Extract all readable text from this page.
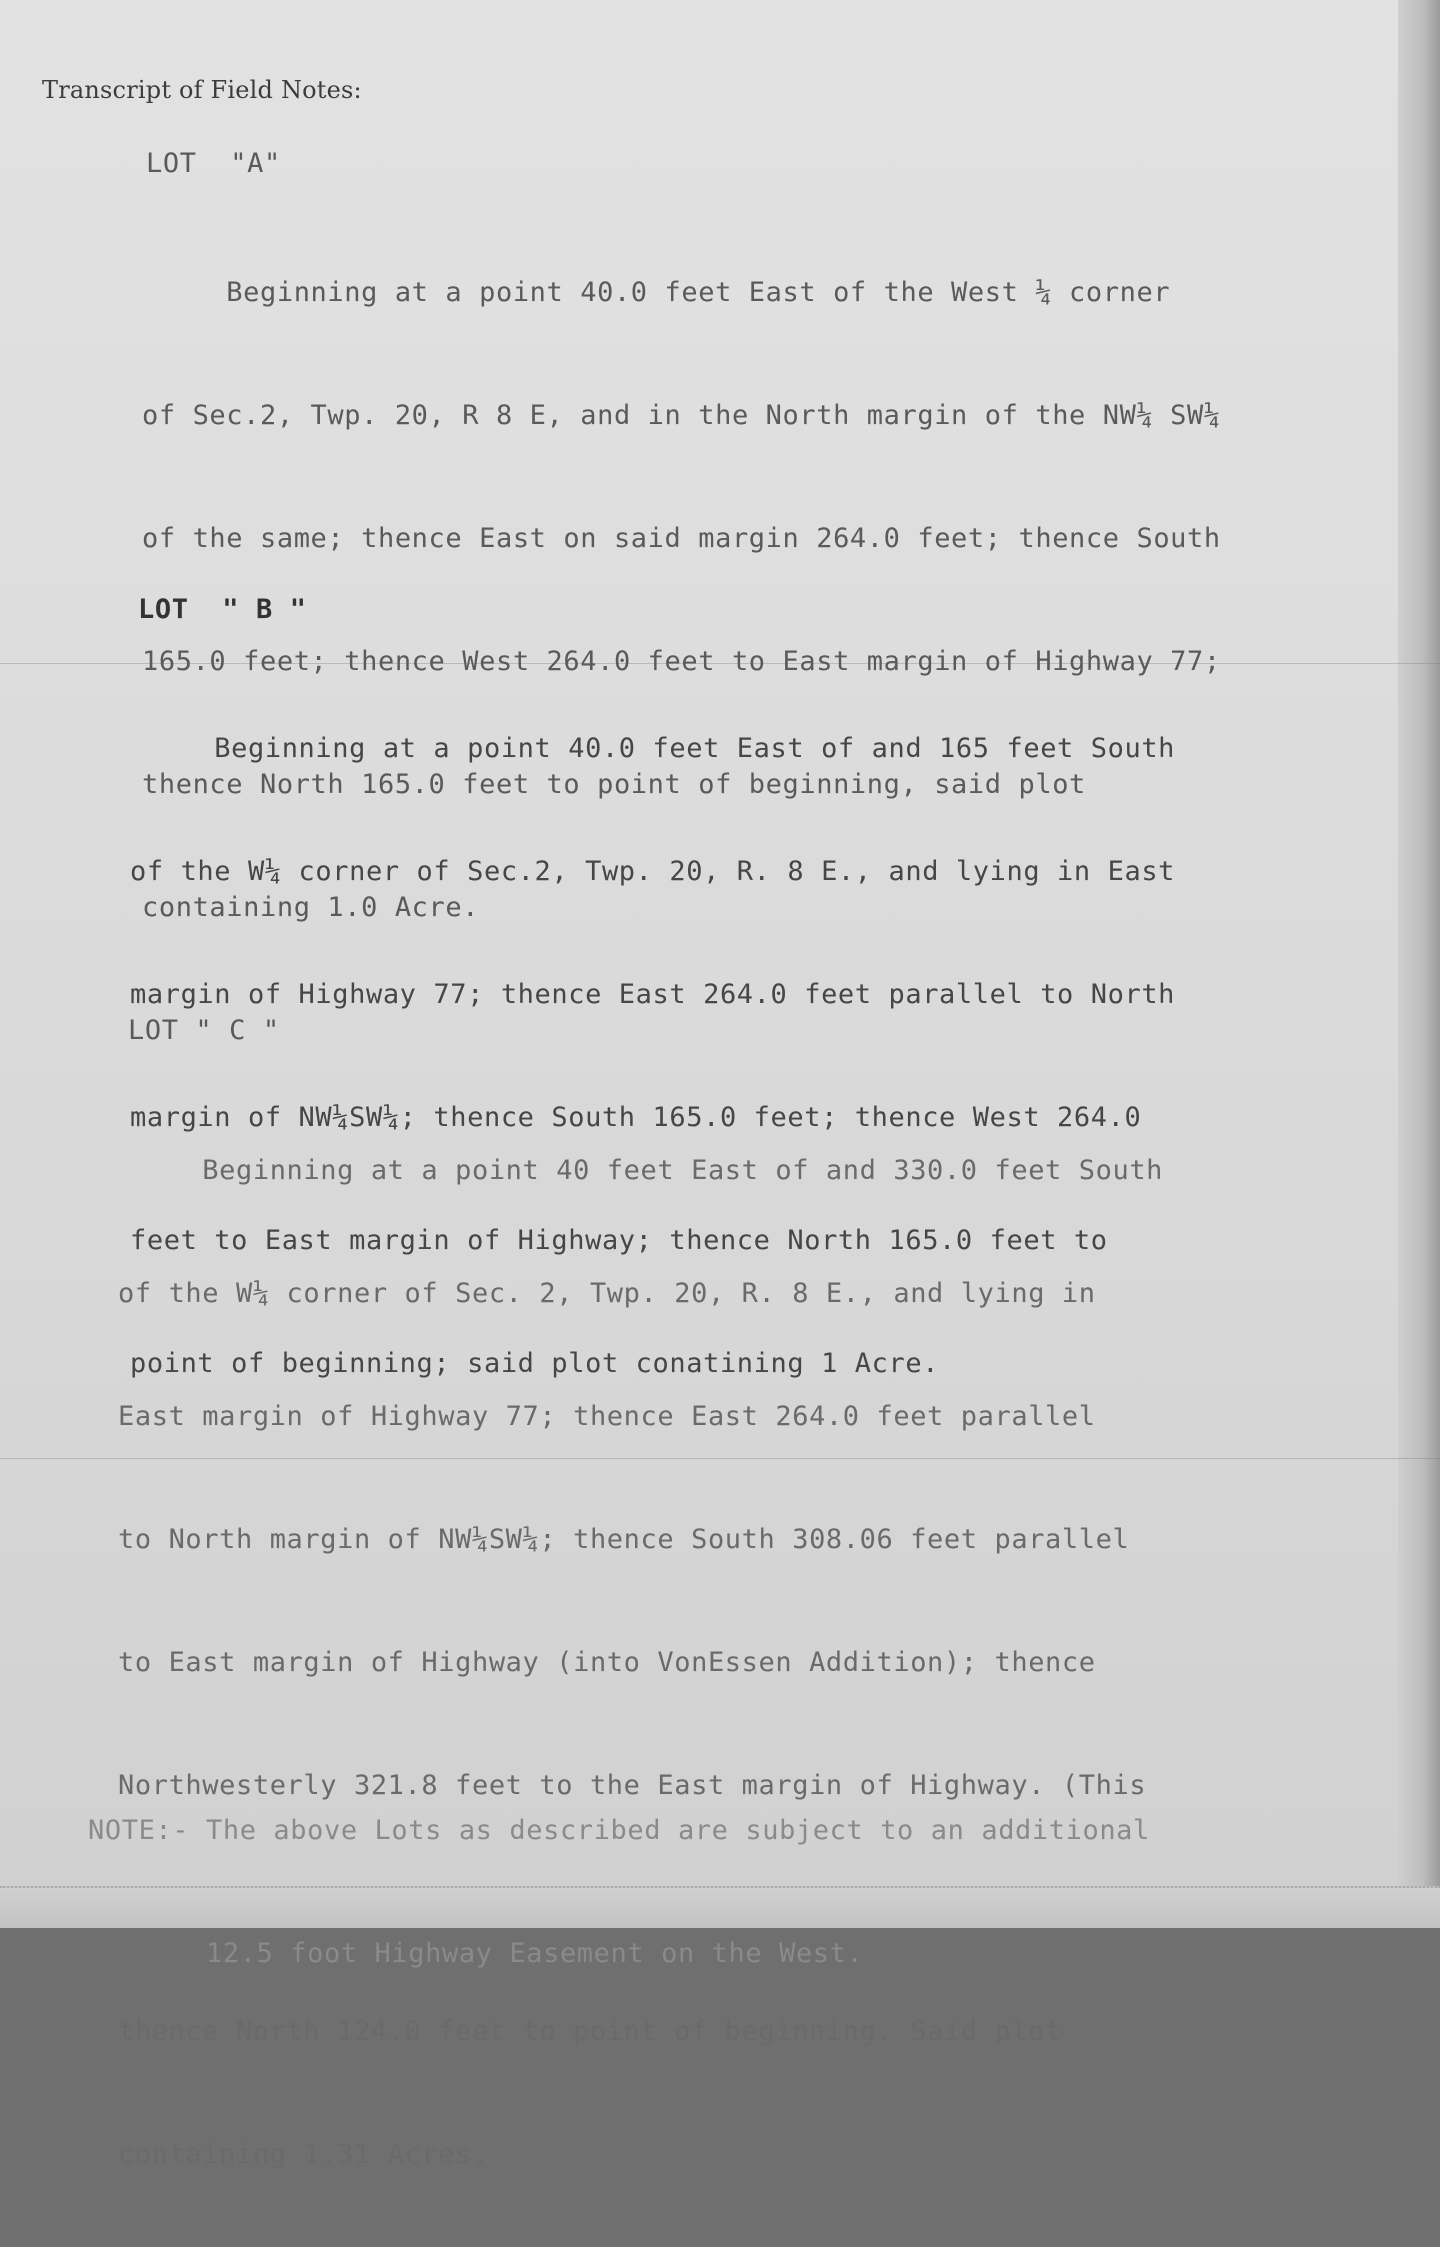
Transcript of Field Notes:
LOT  "A"

Beginning at a point 40.0 feet East of the West ¼ corner

of Sec.2, Twp. 20, R 8 E, and in the North margin of the NW¼ SW¼

of the same; thence East on said margin 264.0 feet; thence South

165.0 feet; thence West 264.0 feet to East margin of Highway 77;

thence North 165.0 feet to point of beginning, said plot

containing 1.0 Acre.

LOT  " B "

Beginning at a point 40.0 feet East of and 165 feet South

of the W¼ corner of Sec.2, Twp. 20, R. 8 E., and lying in East

margin of Highway 77; thence East 264.0 feet parallel to North

margin of NW¼SW¼; thence South 165.0 feet; thence West 264.0

feet to East margin of Highway; thence North 165.0 feet to

point of beginning; said plot conatining 1 Acre.

LOT " C "

Beginning at a point 40 feet East of and 330.0 feet South

of the W¼ corner of Sec. 2, Twp. 20, R. 8 E., and lying in

East margin of Highway 77; thence East 264.0 feet parallel

to North margin of NW¼SW¼; thence South 308.06 feet parallel

to East margin of Highway (into VonEssen Addition); thence

Northwesterly 321.8 feet to the East margin of Highway. (This

thence North 124.0 feet to point of beginning. Said plot

containing 1.31 Acres.

NOTE:- The above Lots as described are subject to an additional

12.5 foot Highway Easement on the West.
